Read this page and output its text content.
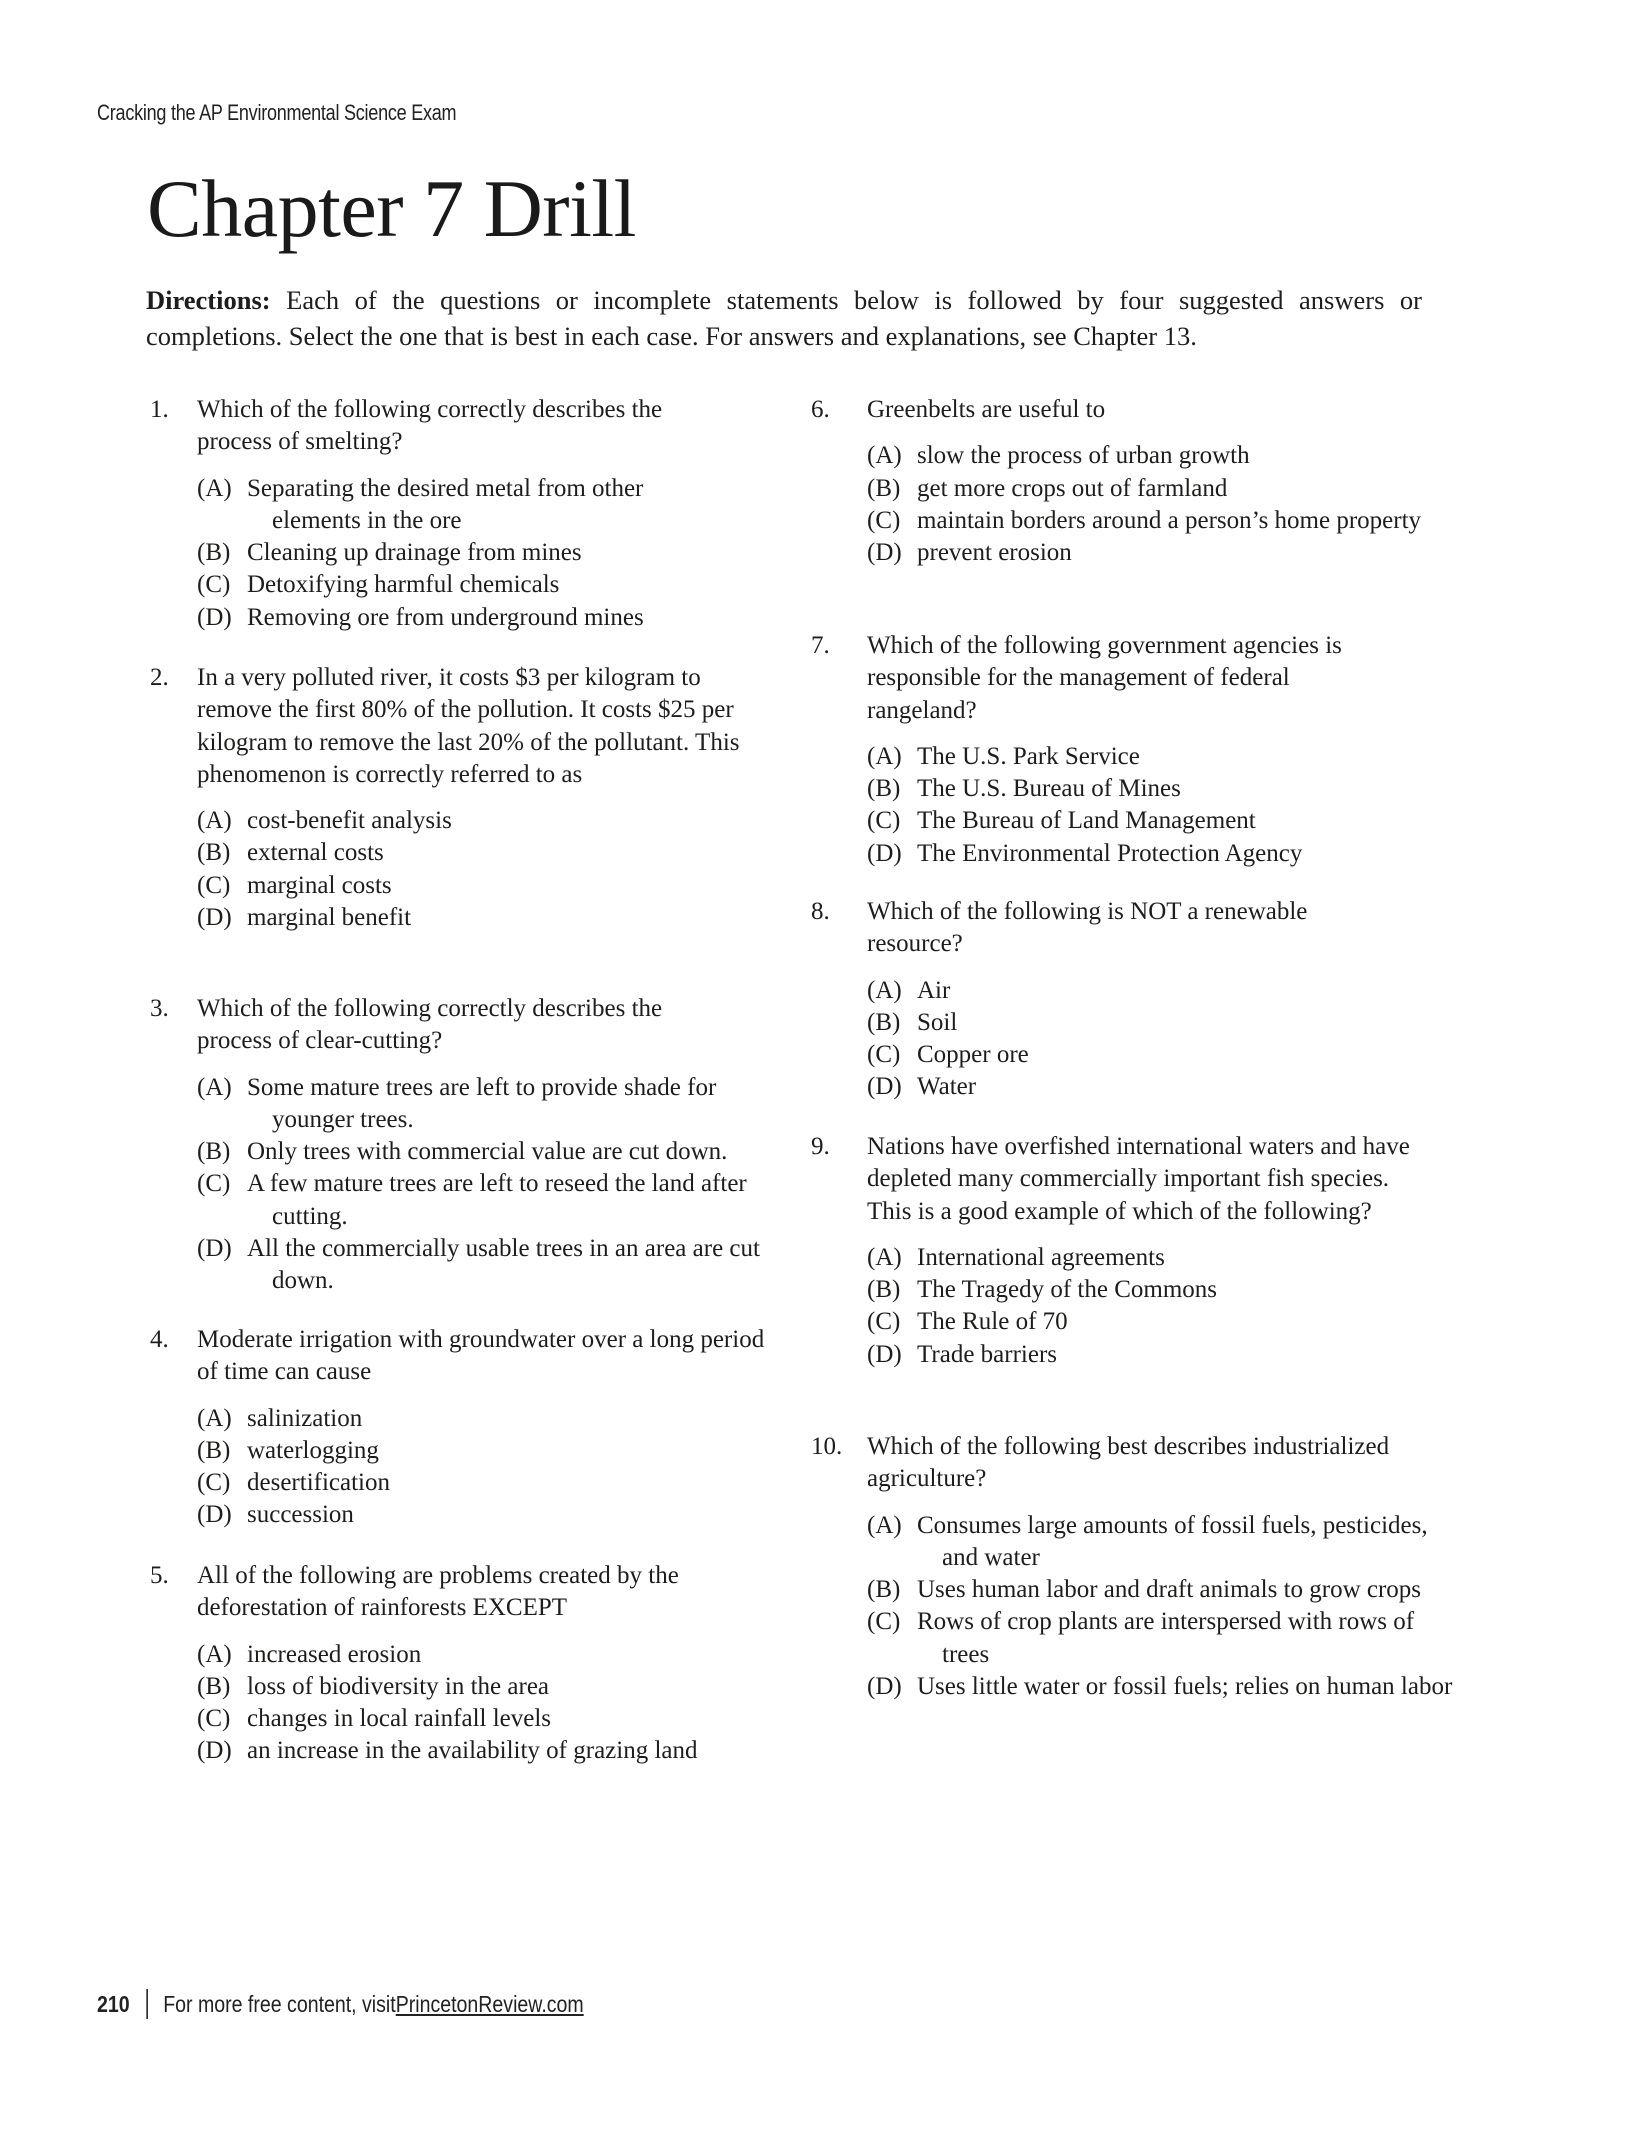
Cracking the AP Environmental Science Exam
Chapter 7 Drill

Directions: Each of the questions or incomplete statements below is followed by four suggested answers or completions. Select the one that is best in each case. For answers and explanations, see Chapter 13.

1. Which of the following correctly describes the process of smelting?
(A) Separating the desired metal from other elements in the ore
(B) Cleaning up drainage from mines
(C) Detoxifying harmful chemicals
(D) Removing ore from underground mines
2. In a very polluted river, it costs $3 per kilogram to remove the first 80% of the pollution. It costs $25 per kilogram to remove the last 20% of the pollutant. This phenomenon is correctly referred to as
(A) cost-benefit analysis
(B) external costs
(C) marginal costs
(D) marginal benefit
3. Which of the following correctly describes the process of clear-cutting?
(A) Some mature trees are left to provide shade for younger trees.
(B) Only trees with commercial value are cut down.
(C) A few mature trees are left to reseed the land after cutting.
(D) All the commercially usable trees in an area are cut down.
4. Moderate irrigation with groundwater over a long period of time can cause
(A) salinization
(B) waterlogging
(C) desertification
(D) succession
5. All of the following are problems created by the deforestation of rainforests EXCEPT
(A) increased erosion
(B) loss of biodiversity in the area
(C) changes in local rainfall levels
(D) an increase in the availability of grazing land
6. Greenbelts are useful to
(A) slow the process of urban growth
(B) get more crops out of farmland
(C) maintain borders around a person’s home property
(D) prevent erosion
7. Which of the following government agencies is responsible for the management of federal rangeland?
(A) The U.S. Park Service
(B) The U.S. Bureau of Mines
(C) The Bureau of Land Management
(D) The Environmental Protection Agency
8. Which of the following is NOT a renewable resource?
(A) Air
(B) Soil
(C) Copper ore
(D) Water
9. Nations have overfished international waters and have depleted many commercially important fish species. This is a good example of which of the following?
(A) International agreements
(B) The Tragedy of the Commons
(C) The Rule of 70
(D) Trade barriers
10. Which of the following best describes industrialized agriculture?
(A) Consumes large amounts of fossil fuels, pesticides, and water
(B) Uses human labor and draft animals to grow crops
(C) Rows of crop plants are interspersed with rows of trees
(D) Uses little water or fossil fuels; relies on human labor
210 For more free content, visit PrincetonReview.com
